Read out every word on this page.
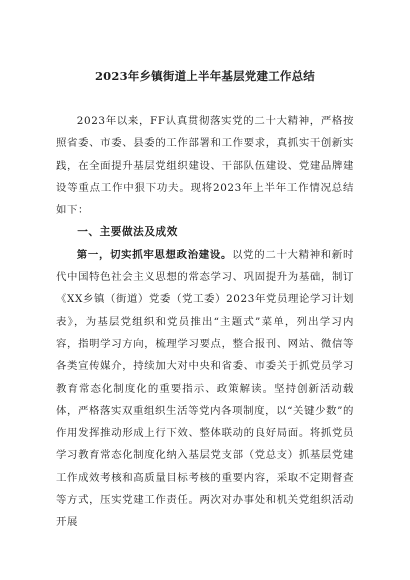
2023年乡镇街道上半年基层党建工作总结

2023年以来，FF认真贯彻落实党的二十大精神，严格按照省委、市委、县委的工作部署和工作要求，真抓实干创新实践，在全面提升基层党组织建设、干部队伍建设、党建品牌建设等重点工作中狠下功夫。现将2023年上半年工作情况总结如下：

一、主要做法及成效

第一，切实抓牢思想政治建设。以党的二十大精神和新时代中国特色社会主义思想的常态学习、巩固提升为基础，制订《XX乡镇（街道）党委（党工委）2023年党员理论学习计划表》，为基层党组织和党员推出“主题式”菜单，列出学习内容，指明学习方向，梳理学习要点，整合报刊、网站、微信等各类宣传媒介，持续加大对中央和省委、市委关于抓党员学习教育常态化制度化的重要指示、政策解读。坚持创新活动载体，严格落实双重组织生活等党内各项制度，以“关键少数”的作用发挥推动形成上行下效、整体联动的良好局面。将抓党员学习教育常态化制度化纳入基层党支部（党总支）抓基层党建工作成效考核和高质量目标考核的重要内容，采取不定期督查等方式，压实党建工作责任。两次对办事处和机关党组织活动开展
